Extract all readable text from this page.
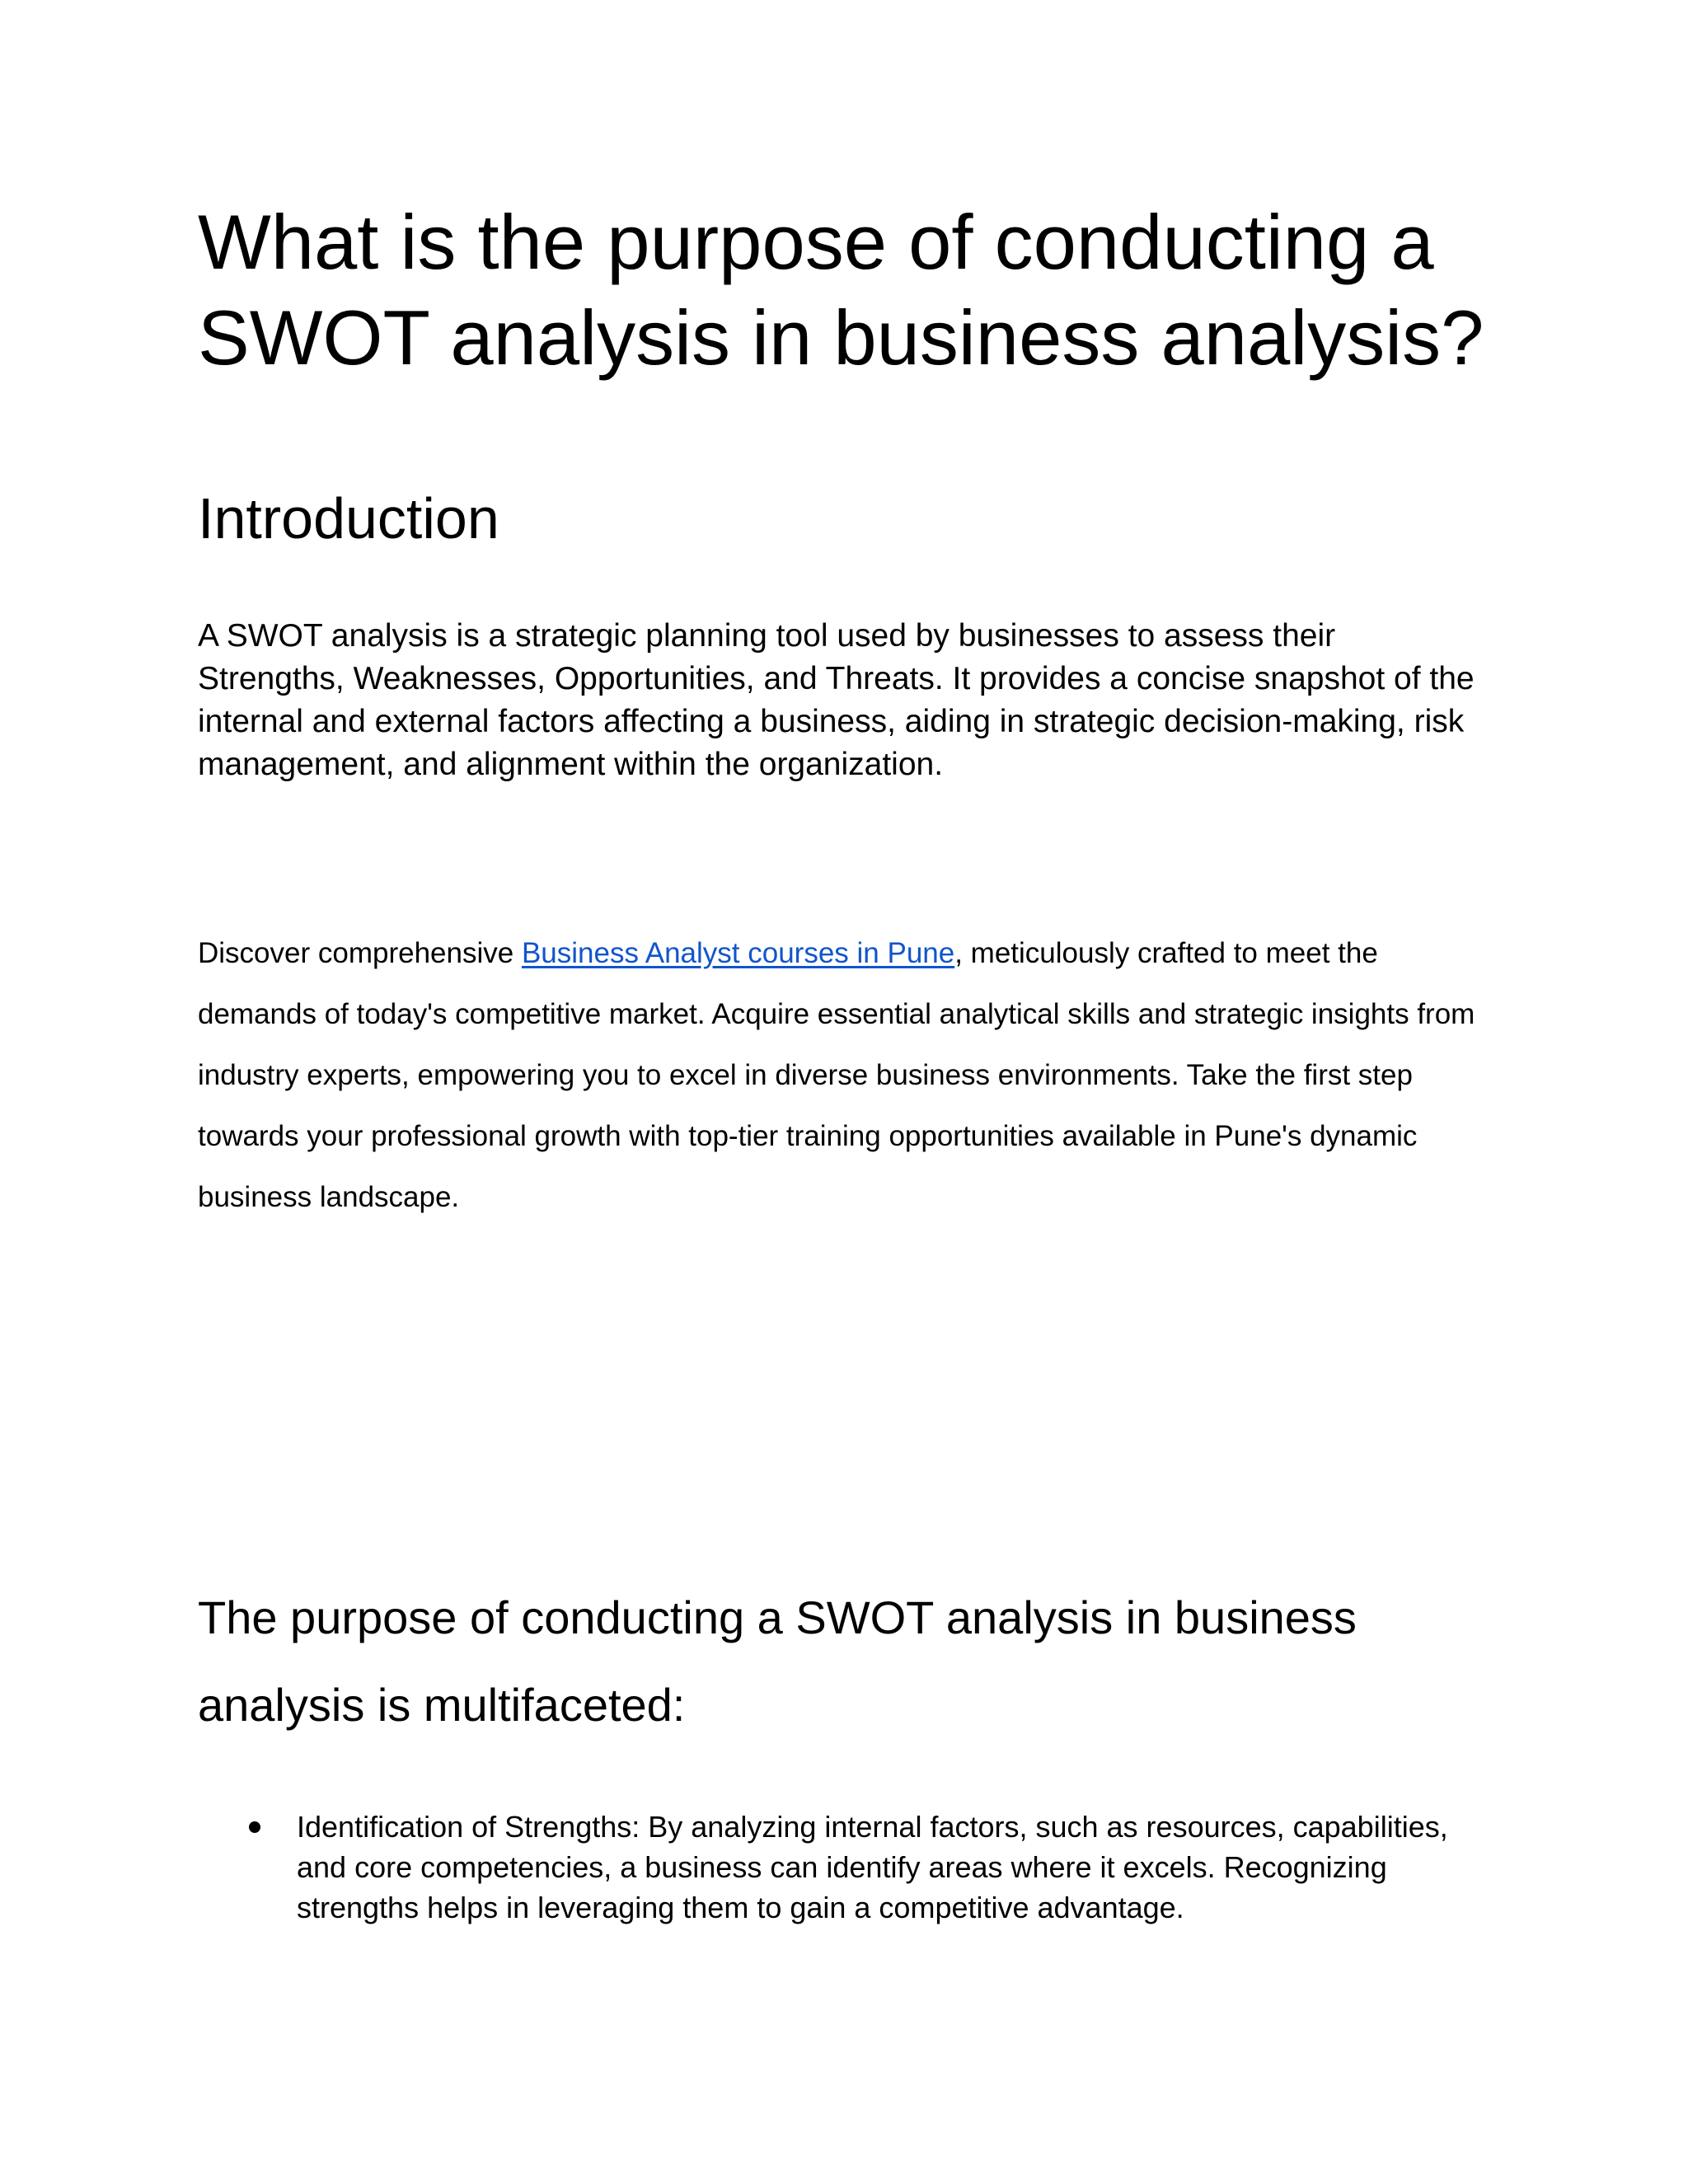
What is the purpose of conducting a SWOT analysis in business analysis?
Introduction

A SWOT analysis is a strategic planning tool used by businesses to assess their Strengths, Weaknesses, Opportunities, and Threats. It provides a concise snapshot of the internal and external factors affecting a business, aiding in strategic decision-making, risk management, and alignment within the organization.

Discover comprehensive Business Analyst courses in Pune, meticulously crafted to meet the demands of today's competitive market. Acquire essential analytical skills and strategic insights from industry experts, empowering you to excel in diverse business environments. Take the first step towards your professional growth with top-tier training opportunities available in Pune's dynamic business landscape.

The purpose of conducting a SWOT analysis in business analysis is multifaceted:
Identification of Strengths: By analyzing internal factors, such as resources, capabilities, and core competencies, a business can identify areas where it excels. Recognizing strengths helps in leveraging them to gain a competitive advantage.
